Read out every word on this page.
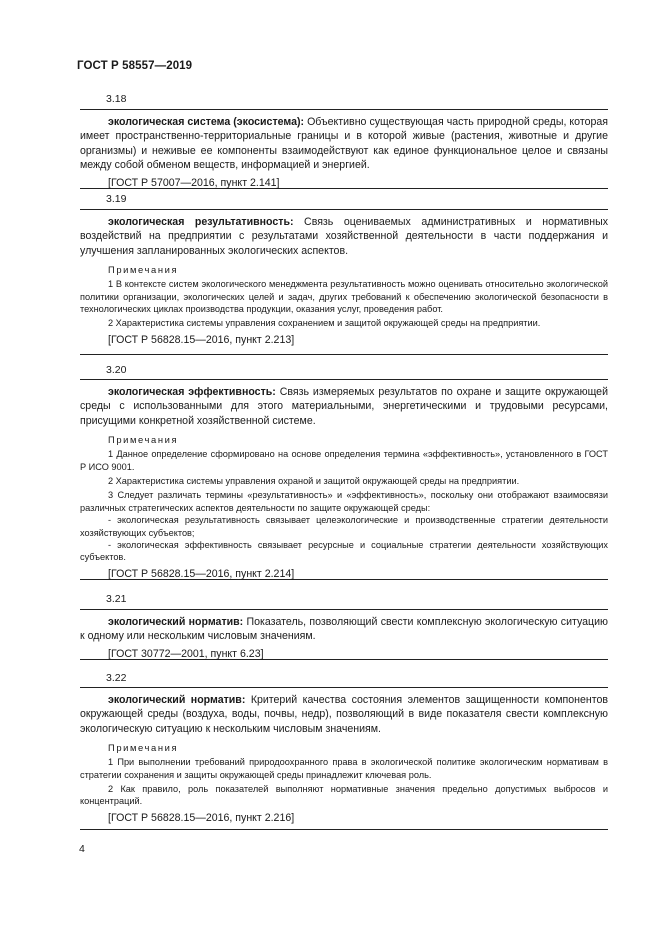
ГОСТ Р 58557—2019
3.18

экологическая система (экосистема): Объективно существующая часть природной среды, которая имеет пространственно-территориальные границы и в которой живые (растения, животные и другие организмы) и неживые ее компоненты взаимодействуют как единое функциональное целое и связаны между собой обменом веществ, информацией и энергией.

[ГОСТ Р 57007—2016, пункт 2.141]

3.19

экологическая результативность: Связь оцениваемых административных и нормативных воздействий на предприятии с результатами хозяйственной деятельности в части поддержания и улучшения запланированных экологических аспектов.

Примечания

1 В контексте систем экологического менеджмента результативность можно оценивать относительно экологической политики организации, экологических целей и задач, других требований к обеспечению экологической безопасности в технологических циклах производства продукции, оказания услуг, проведения работ.

2 Характеристика системы управления сохранением и защитой окружающей среды на предприятии.

[ГОСТ Р 56828.15—2016, пункт 2.213]

3.20

экологическая эффективность: Связь измеряемых результатов по охране и защите окружающей среды с использованными для этого материальными, энергетическими и трудовыми ресурсами, присущими конкретной хозяйственной системе.

Примечания

1 Данное определение сформировано на основе определения термина «эффективность», установленного в ГОСТ Р ИСО 9001.

2 Характеристика системы управления охраной и защитой окружающей среды на предприятии.

3 Следует различать термины «результативность» и «эффективность», поскольку они отображают взаимосвязи различных стратегических аспектов деятельности по защите окружающей среды:

- экологическая результативность связывает целеэкологические и производственные стратегии деятельности хозяйствующих субъектов;

- экологическая эффективность связывает ресурсные и социальные стратегии деятельности хозяйствующих субъектов.

[ГОСТ Р 56828.15—2016, пункт 2.214]

3.21

экологический норматив: Показатель, позволяющий свести комплексную экологическую ситуацию к одному или нескольким числовым значениям.

[ГОСТ 30772—2001, пункт 6.23]

3.22

экологический норматив: Критерий качества состояния элементов защищенности компонентов окружающей среды (воздуха, воды, почвы, недр), позволяющий в виде показателя свести комплексную экологическую ситуацию к нескольким числовым значениям.

Примечания

1 При выполнении требований природоохранного права в экологической политике экологическим нормативам в стратегии сохранения и защиты окружающей среды принадлежит ключевая роль.

2 Как правило, роль показателей выполняют нормативные значения предельно допустимых выбросов и концентраций.

[ГОСТ Р 56828.15—2016, пункт 2.216]

4
